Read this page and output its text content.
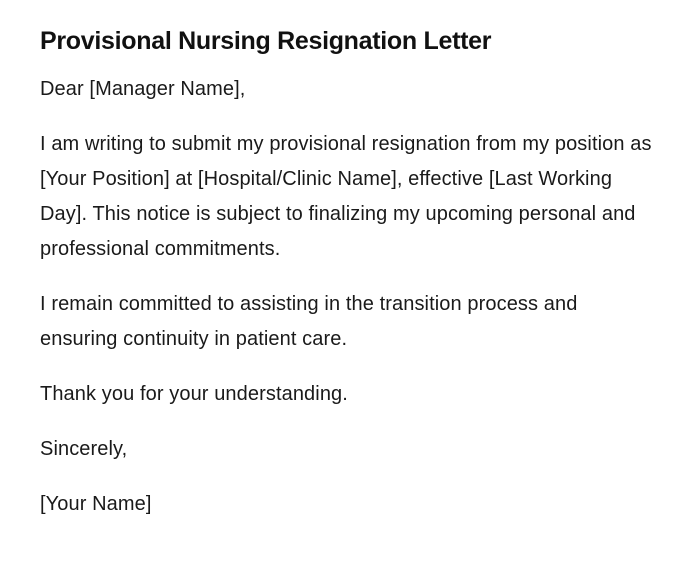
Provisional Nursing Resignation Letter

Dear [Manager Name],

I am writing to submit my provisional resignation from my position as [Your Position] at [Hospital/Clinic Name], effective [Last Working Day]. This notice is subject to finalizing my upcoming personal and professional commitments.

I remain committed to assisting in the transition process and ensuring continuity in patient care.

Thank you for your understanding.

Sincerely,

[Your Name]
